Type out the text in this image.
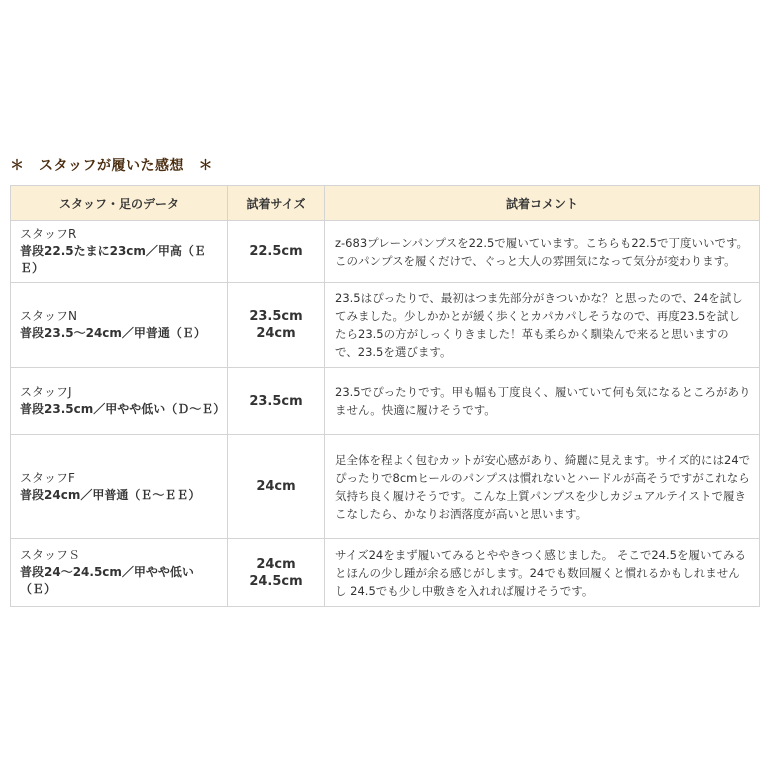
＊　スタッフが履いた感想　＊
スタッフ・足のデータ	試着サイズ	試着コメント

スタッフR
普段22.5たまに23cm／甲高（ＥＥ）	22.5cm	z-683プレーンパンプスを22.5で履いています。こちらも22.5で丁度いいです。このパンプスを履くだけで、ぐっと大人の雰囲気になって気分が変わります。

スタッフN
普段23.5～24cm／甲普通（Ｅ）	23.5cm
24cm	23.5はぴったりで、最初はつま先部分がきついかな？と思ったので、24を試してみました。少しかかとが緩く歩くとカパカパしそうなので、再度23.5を試したら23.5の方がしっくりきました！革も柔らかく馴染んで来ると思いますので、23.5を選びます。

スタッフJ
普段23.5cm／甲やや低い（Ｄ～Ｅ）	23.5cm	23.5でぴったりです。甲も幅も丁度良く、履いていて何も気になるところがありません。快適に履けそうです。

スタッフF
普段24cm／甲普通（Ｅ～ＥＥ）	24cm	足全体を程よく包むカットが安心感があり、綺麗に見えます。サイズ的には24でぴったりで8cmヒールのパンプスは慣れないとハードルが高そうですがこれなら気持ち良く履けそうです。こんな上質パンプスを少しカジュアルテイストで履きこなしたら、かなりお洒落度が高いと思います。

スタッフＳ
普段24～24.5cm／甲やや低い（Ｅ）	24cm
24.5cm	サイズ24をまず履いてみるとややきつく感じました。 そこで24.5を履いてみるとほんの少し踵が余る感じがします。24でも数回履くと慣れるかもしれませんし 24.5でも少し中敷きを入れれば履けそうです。
